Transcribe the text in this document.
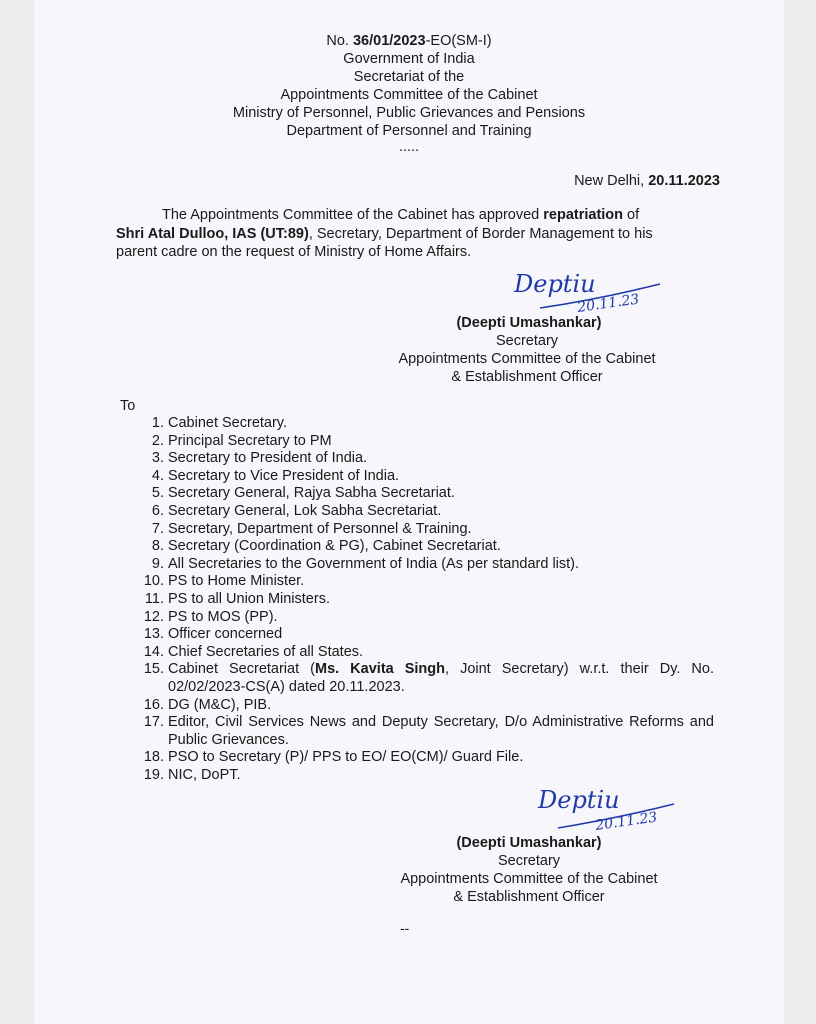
No. 36/01/2023-EO(SM-I)
Government of India
Secretariat of the
Appointments Committee of the Cabinet
Ministry of Personnel, Public Grievances and Pensions
Department of Personnel and Training
.....
New Delhi, 20.11.2023
The Appointments Committee of the Cabinet has approved repatriation of
Shri Atal Dulloo, IAS (UT:89), Secretary, Department of Border Management to his
parent cadre on the request of Ministry of Home Affairs.
Deptiu
20.11.23
(Deepti Umashankar)
Secretary
Appointments Committee of the Cabinet
& Establishment Officer
To
1. Cabinet Secretary.
2. Principal Secretary to PM
3. Secretary to President of India.
4. Secretary to Vice President of India.
5. Secretary General, Rajya Sabha Secretariat.
6. Secretary General, Lok Sabha Secretariat.
7. Secretary, Department of Personnel & Training.
8. Secretary (Coordination & PG), Cabinet Secretariat.
9. All Secretaries to the Government of India (As per standard list).
10. PS to Home Minister.
11. PS to all Union Ministers.
12. PS to MOS (PP).
13. Officer concerned
14. Chief Secretaries of all States.
15. Cabinet Secretariat (Ms. Kavita Singh, Joint Secretary) w.r.t. their Dy. No. 02/02/2023-CS(A) dated 20.11.2023.
16. DG (M&C), PIB.
17. Editor, Civil Services News and Deputy Secretary, D/o Administrative Reforms and Public Grievances.
18. PSO to Secretary (P)/ PPS to EO/ EO(CM)/ Guard File.
19. NIC, DoPT.
Deptiu
20.11.23
(Deepti Umashankar)
Secretary
Appointments Committee of the Cabinet
& Establishment Officer
--
